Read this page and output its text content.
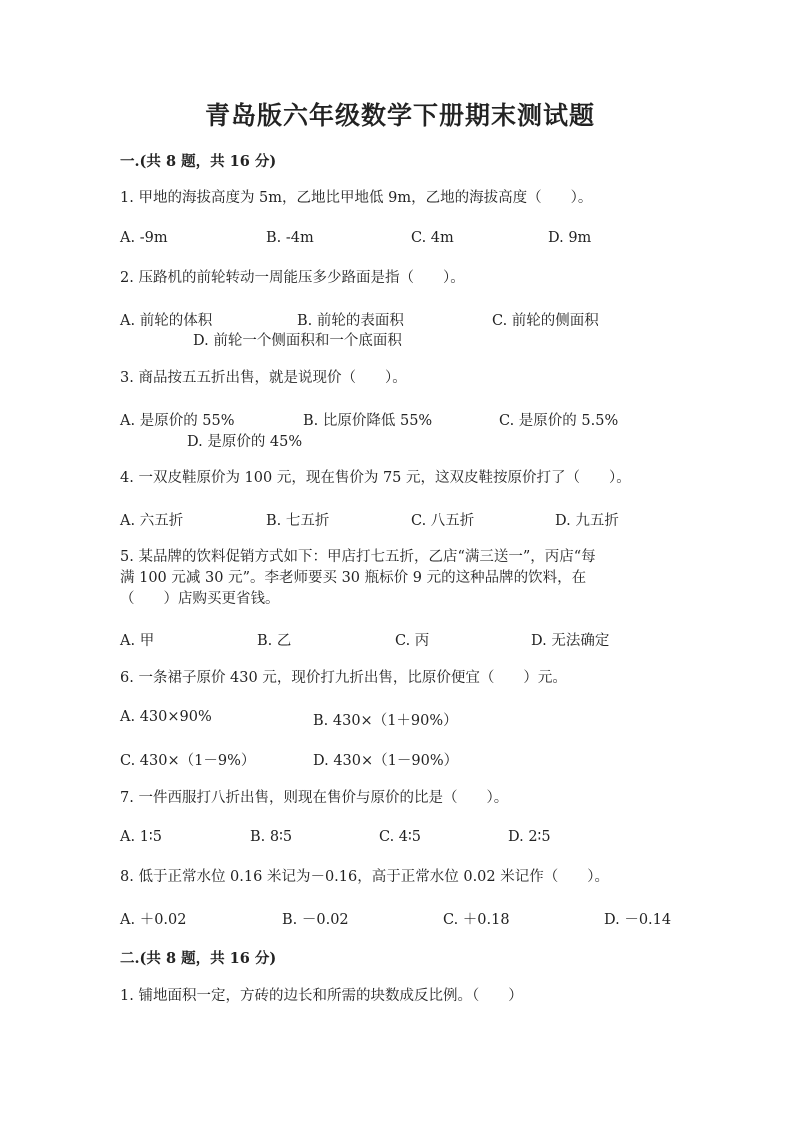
青岛版六年级数学下册期末测试题
一.(共 8 题，共 16 分)
1. 甲地的海拔高度为 5m，乙地比甲地低 9m，乙地的海拔高度（　　）。
A. -9m	B. -4m	C. 4m	D. 9m
2. 压路机的前轮转动一周能压多少路面是指（　　）。
A. 前轮的体积	B. 前轮的表面积	C. 前轮的侧面积
D. 前轮一个侧面积和一个底面积
3. 商品按五五折出售，就是说现价（　　）。
A. 是原价的 55%	B. 比原价降低 55%	C. 是原价的 5.5%
D. 是原价的 45%
4. 一双皮鞋原价为 100 元，现在售价为 75 元，这双皮鞋按原价打了（　　）。
A. 六五折	B. 七五折	C. 八五折	D. 九五折
5. 某品牌的饮料促销方式如下：甲店打七五折，乙店“满三送一”，丙店“每
满 100 元减 30 元”。李老师要买 30 瓶标价 9 元的这种品牌的饮料，在
（　　）店购买更省钱。
A. 甲	B. 乙	C. 丙	D. 无法确定
6. 一条裙子原价 430 元，现价打九折出售，比原价便宜（　　）元。
A. 430×90%	B. 430×（1＋90%）
C. 430×（1－9%）	D. 430×（1－90%）
7. 一件西服打八折出售，则现在售价与原价的比是（　　）。
A. 1∶5	B. 8∶5	C. 4∶5	D. 2∶5
8. 低于正常水位 0.16 米记为－0.16，高于正常水位 0.02 米记作（　　）。
A. ＋0.02	B. －0.02	C. ＋0.18	D. －0.14
二.(共 8 题，共 16 分)
1. 铺地面积一定，方砖的边长和所需的块数成反比例。（　　）
